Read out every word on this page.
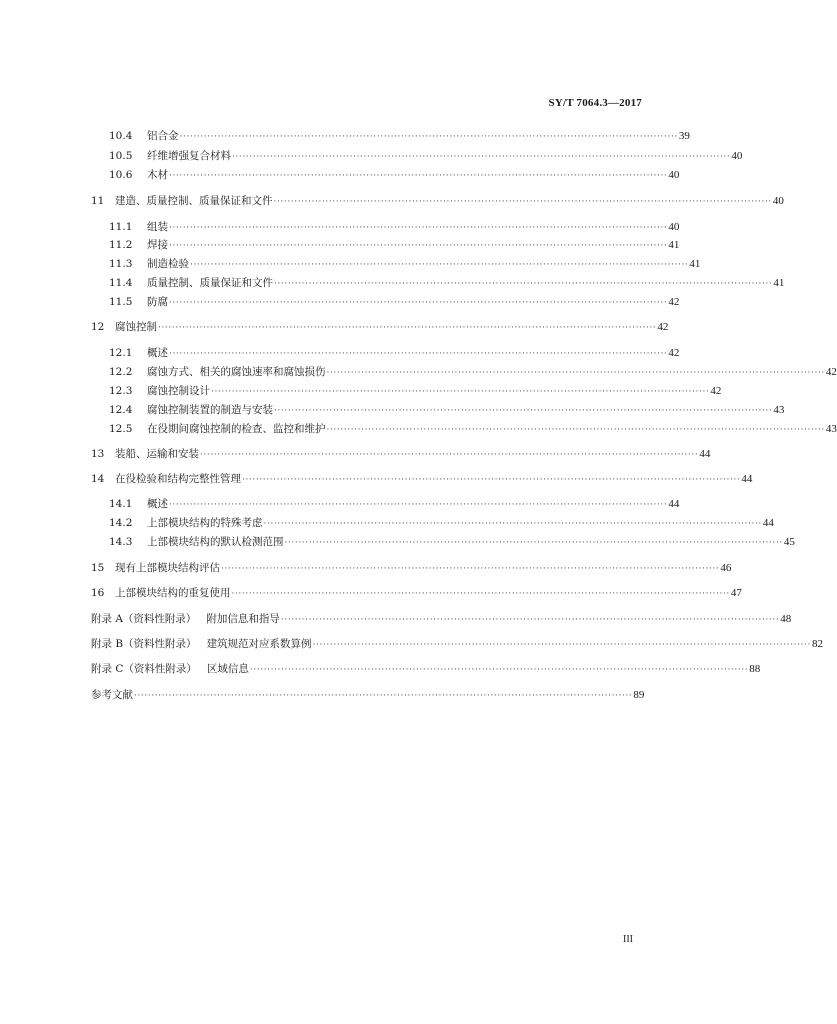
SY/T 7064.3—2017
10.4	铝合金 ················································································································································ 39
10.5	纤维增强复合材料 ················································································································································ 40
10.6	木材 ················································································································································ 40
11	建造、质量控制、质量保证和文件 ················································································································································ 40
11.1	组装 ················································································································································ 40
11.2	焊接 ················································································································································ 41
11.3	制造检验 ················································································································································ 41
11.4	质量控制、质量保证和文件 ················································································································································ 41
11.5	防腐 ················································································································································ 42
12	腐蚀控制 ················································································································································ 42
12.1	概述 ················································································································································ 42
12.2	腐蚀方式、相关的腐蚀速率和腐蚀损伤 ················································································································································ 42
12.3	腐蚀控制设计 ················································································································································ 42
12.4	腐蚀控制装置的制造与安装 ················································································································································ 43
12.5	在役期间腐蚀控制的检查、监控和维护 ················································································································································ 43
13	装船、运输和安装 ················································································································································ 44
14	在役检验和结构完整性管理 ················································································································································ 44
14.1	概述 ················································································································································ 44
14.2	上部模块结构的特殊考虑 ················································································································································ 44
14.3	上部模块结构的默认检测范围 ················································································································································ 45
15	现有上部模块结构评估 ················································································································································ 46
16	上部模块结构的重复使用 ················································································································································ 47
附录 A（资料性附录） 附加信息和指导 ················································································································································ 48
附录 B（资料性附录） 建筑规范对应系数算例 ················································································································································ 82
附录 C（资料性附录） 区域信息 ················································································································································ 88
参考文献 ················································································································································ 89
III
